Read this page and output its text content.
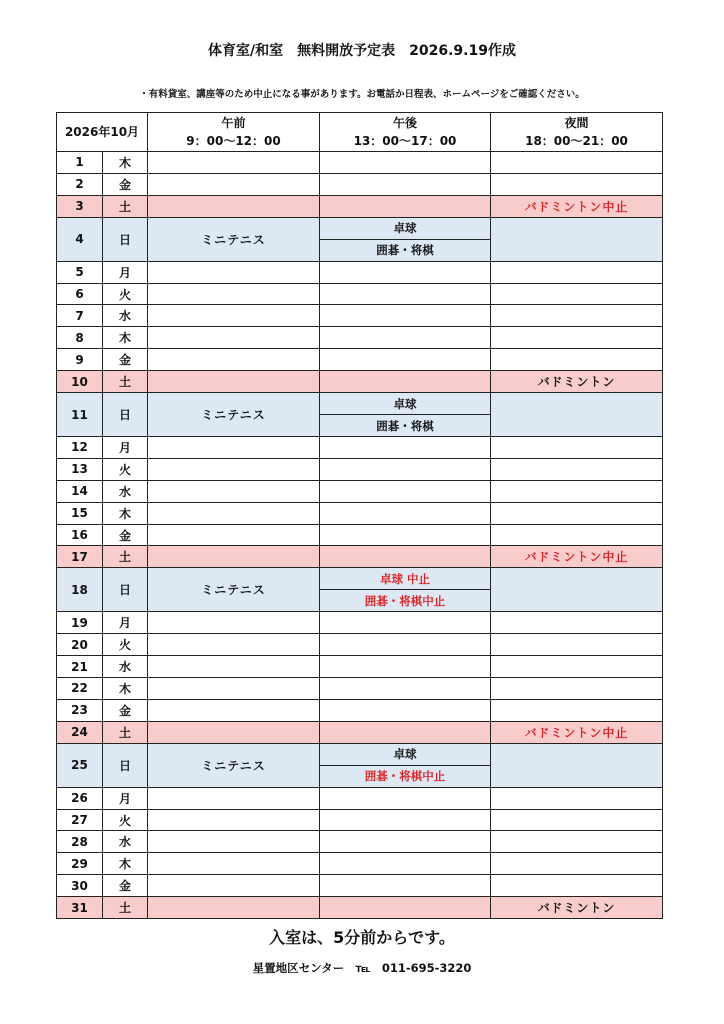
体育室/和室　無料開放予定表　2026.9.19作成
・有料貸室、講座等のため中止になる事があります。お電話か日程表、ホームページをご確認ください。
2026年10月		午前
9：00～12：00	午後
13：00～17：00	夜間
18：00～21：00

1	木			
2	金			
3	土			バドミントン中止
4	日	ミニテニス	卓球
囲碁・将棋	

5	月			
6	火			
7	水			
8	木			
9	金			
10	土			バドミントン
11	日	ミニテニス	卓球
囲碁・将棋	

12	月			
13	火			
14	水			
15	木			
16	金			
17	土			バドミントン中止
18	日	ミニテニス	卓球 中止
囲碁・将棋中止	

19	月			
20	火			
21	水			
22	木			
23	金			
24	土			バドミントン中止
25	日	ミニテニス	卓球
囲碁・将棋中止	

26	月			
27	火			
28	水			
29	木			
30	金			
31	土			バドミントン
入室は、5分前からです。
星置地区センター　℡　011-695-3220
